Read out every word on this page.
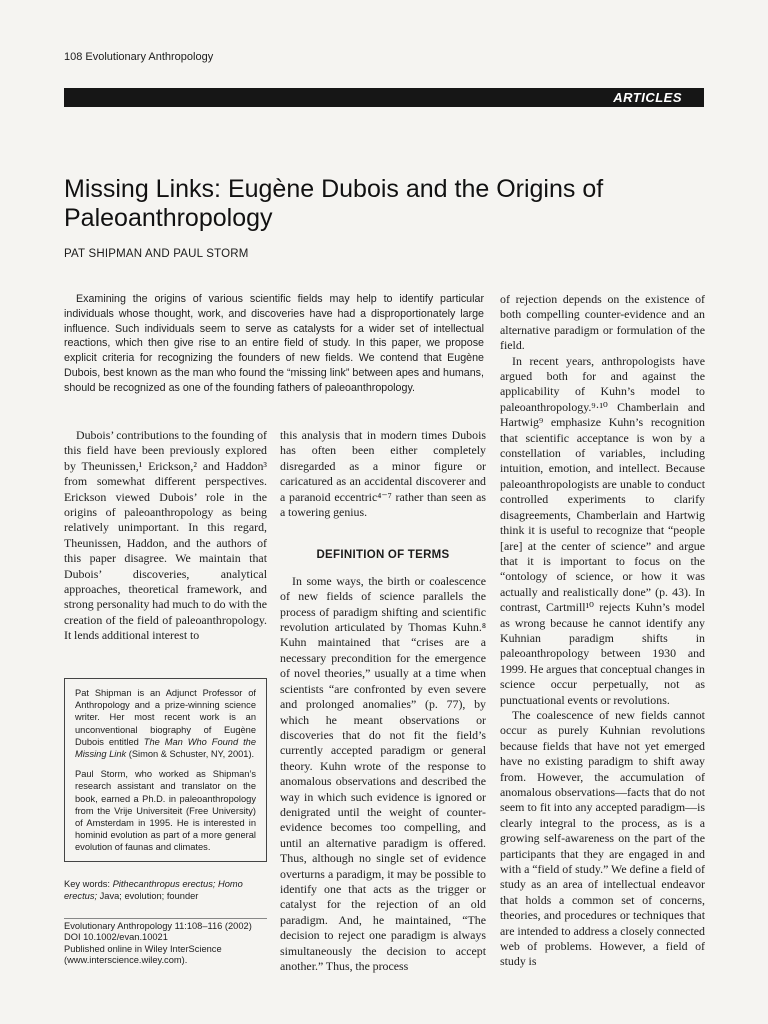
108 Evolutionary Anthropology
ARTICLES
Missing Links: Eugène Dubois and the Origins of Paleoanthropology
PAT SHIPMAN AND PAUL STORM

Examining the origins of various scientific fields may help to identify particular individuals whose thought, work, and discoveries have had a disproportionately large influence. Such individuals seem to serve as catalysts for a wider set of intellectual reactions, which then give rise to an entire field of study. In this paper, we propose explicit criteria for recognizing the founders of new fields. We contend that Eugène Dubois, best known as the man who found the “missing link” between apes and humans, should be recognized as one of the founding fathers of paleoanthropology.

Dubois’ contributions to the founding of this field have been previously explored by Theunissen,¹ Erickson,² and Haddon³ from somewhat different perspectives. Erickson viewed Dubois’ role in the origins of paleoanthropology as being relatively unimportant. In this regard, Theunissen, Haddon, and the authors of this paper disagree. We maintain that Dubois’ discoveries, analytical approaches, theoretical framework, and strong personality had much to do with the creation of the field of paleoanthropology. It lends additional interest to

this analysis that in modern times Dubois has often been either completely disregarded as a minor figure or caricatured as an accidental discoverer and a paranoid eccentric⁴⁻⁷ rather than seen as a towering genius.

DEFINITION OF TERMS

In some ways, the birth or coalescence of new fields of science parallels the process of paradigm shifting and scientific revolution articulated by Thomas Kuhn.⁸ Kuhn maintained that “crises are a necessary precondition for the emergence of novel theories,” usually at a time when scientists “are confronted by even severe and prolonged anomalies” (p. 77), by which he meant observations or discoveries that do not fit the field’s currently accepted paradigm or general theory. Kuhn wrote of the response to anomalous observations and described the way in which such evidence is ignored or denigrated until the weight of counter-evidence becomes too compelling, and until an alternative paradigm is offered. Thus, although no single set of evidence overturns a paradigm, it may be possible to identify one that acts as the trigger or catalyst for the rejection of an old paradigm. And, he maintained, “The decision to reject one paradigm is always simultaneously the decision to accept another.” Thus, the process

of rejection depends on the existence of both compelling counter-evidence and an alternative paradigm or formulation of the field.

In recent years, anthropologists have argued both for and against the applicability of Kuhn’s model to paleoanthropology.⁹·¹⁰ Chamberlain and Hartwig⁹ emphasize Kuhn’s recognition that scientific acceptance is won by a constellation of variables, including intuition, emotion, and intellect. Because paleoanthropologists are unable to conduct controlled experiments to clarify disagreements, Chamberlain and Hartwig think it is useful to recognize that “people [are] at the center of science” and argue that it is important to focus on the “ontology of science, or how it was actually and realistically done” (p. 43). In contrast, Cartmill¹⁰ rejects Kuhn’s model as wrong because he cannot identify any Kuhnian paradigm shifts in paleoanthropology between 1930 and 1999. He argues that conceptual changes in science occur perpetually, not as punctuational events or revolutions.

The coalescence of new fields cannot occur as purely Kuhnian revolutions because fields that have not yet emerged have no existing paradigm to shift away from. However, the accumulation of anomalous observations—facts that do not seem to fit into any accepted paradigm—is clearly integral to the process, as is a growing self-awareness on the part of the participants that they are engaged in and with a “field of study.” We define a field of study as an area of intellectual endeavor that holds a common set of concerns, theories, and procedures or techniques that are intended to address a closely connected web of problems. However, a field of study is

Pat Shipman is an Adjunct Professor of Anthropology and a prize-winning science writer. Her most recent work is an unconventional biography of Eugène Dubois entitled The Man Who Found the Missing Link (Simon & Schuster, NY, 2001).

Paul Storm, who worked as Shipman’s research assistant and translator on the book, earned a Ph.D. in paleoanthropology from the Vrije Universiteit (Free University) of Amsterdam in 1995. He is interested in hominid evolution as part of a more general evolution of faunas and climates.

Key words: Pithecanthropus erectus; Homo erectus; Java; evolution; founder
Evolutionary Anthropology 11:108–116 (2002)
DOI 10.1002/evan.10021
Published online in Wiley InterScience
(www.interscience.wiley.com).
